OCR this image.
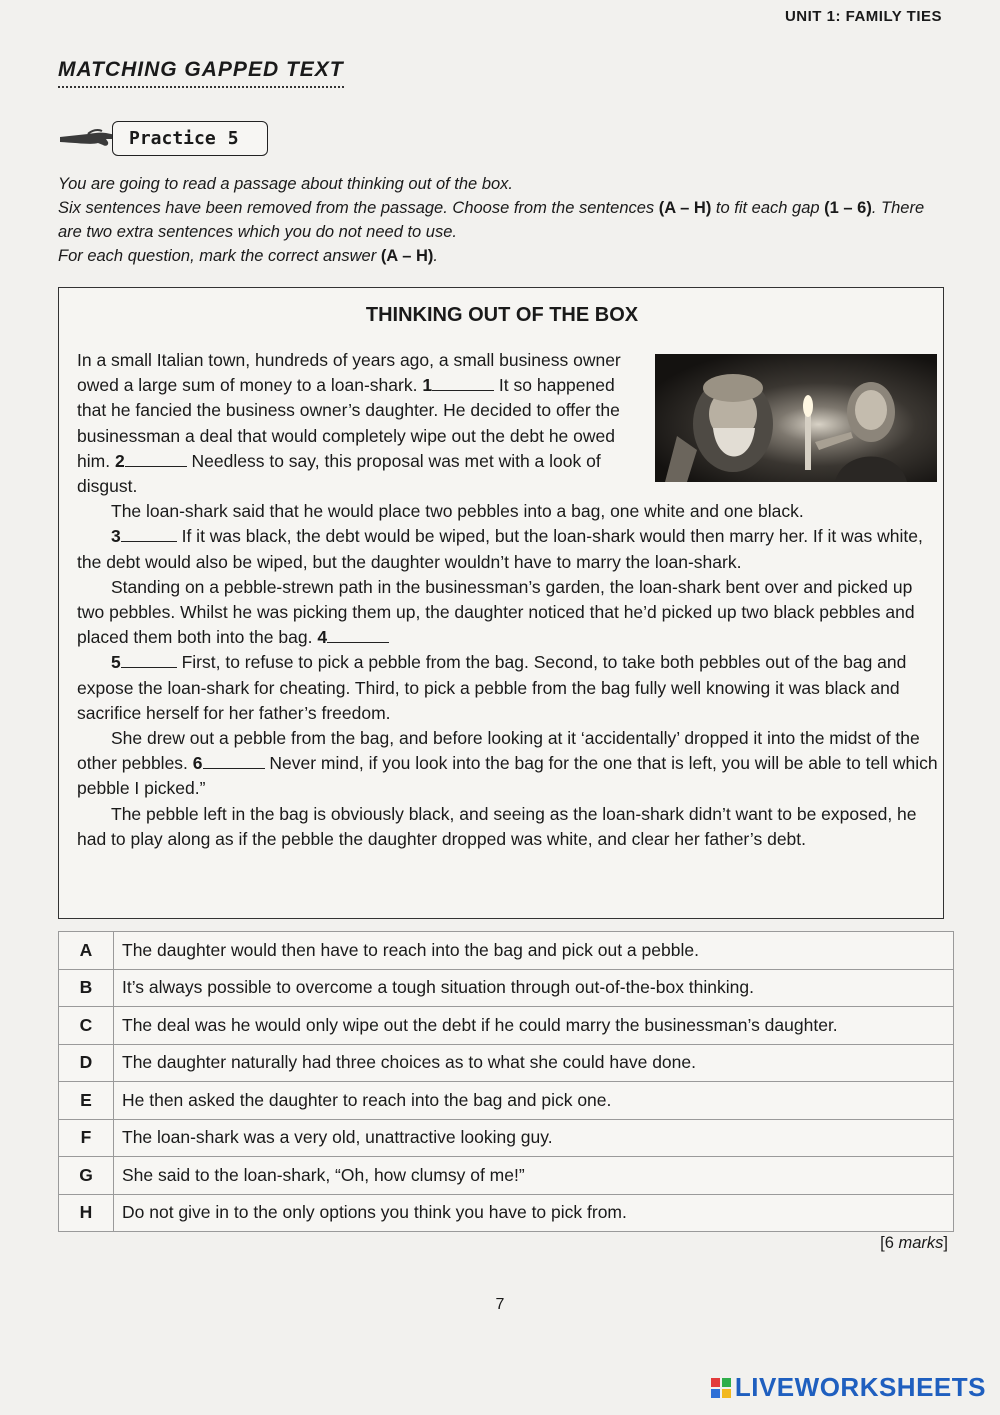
UNIT 1: FAMILY TIES
MATCHING GAPPED TEXT
Practice 5

You are going to read a passage about thinking out of the box.

Six sentences have been removed from the passage. Choose from the sentences (A – H) to fit each gap (1 – 6). There are two extra sentences which you do not need to use.

For each question, mark the correct answer (A – H).

THINKING OUT OF THE BOX

In a small Italian town, hundreds of years ago, a small business owner owed a large sum of money to a loan-shark. 1	It so happened that he fancied the business owner’s daughter. He decided to offer the businessman a deal that would completely wipe out the debt he owed him. 2	Needless to say, this proposal was met with a look of disgust.

The loan-shark said that he would place two pebbles into a bag, one white and one black.

3	If it was black, the debt would be wiped, but the loan-shark would then marry her. If it was white, the debt would also be wiped, but the daughter wouldn’t have to marry the loan-shark.

Standing on a pebble-strewn path in the businessman’s garden, the loan-shark bent over and picked up two pebbles. Whilst he was picking them up, the daughter noticed that he’d picked up two black pebbles and placed them both into the bag. 4

5	First, to refuse to pick a pebble from the bag. Second, to take both pebbles out of the bag and expose the loan-shark for cheating. Third, to pick a pebble from the bag fully well knowing it was black and sacrifice herself for her father’s freedom.

She drew out a pebble from the bag, and before looking at it ‘accidentally’ dropped it into the midst of the other pebbles. 6	Never mind, if you look into the bag for the one that is left, you will be able to tell which pebble I picked.”

The pebble left in the bag is obviously black, and seeing as the loan-shark didn’t want to be exposed, he had to play along as if the pebble the daughter dropped was white, and clear her father’s debt.

A	The daughter would then have to reach into the bag and pick out a pebble.
B	It’s always possible to overcome a tough situation through out-of-the-box thinking.
C	The deal was he would only wipe out the debt if he could marry the businessman’s daughter.
D	The daughter naturally had three choices as to what she could have done.
E	He then asked the daughter to reach into the bag and pick one.
F	The loan-shark was a very old, unattractive looking guy.
G	She said to the loan-shark, “Oh, how clumsy of me!”
H	Do not give in to the only options you think you have to pick from.
[6 marks]
7
LIVEWORKSHEETS
